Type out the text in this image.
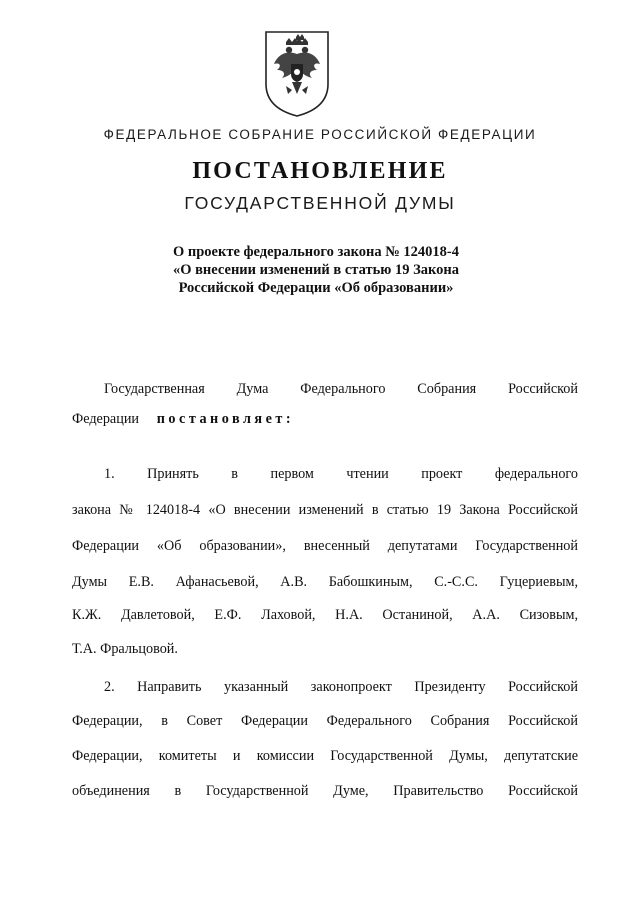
ФЕДЕРАЛЬНОЕ СОБРАНИЕ РОССИЙСКОЙ ФЕДЕРАЦИИ
ПОСТАНОВЛЕНИЕ
ГОСУДАРСТВЕННОЙ ДУМЫ
О проекте федерального закона № 124018-4
«О внесении изменений в статью 19 Закона
Российской Федерации «Об образовании»
Государственная Дума Федерального Собрания Российской
Федерации постановляет:
1. Принять в первом чтении проект федерального
закона № 124018-4 «О внесении изменений в статью 19 Закона Российской
Федерации «Об образовании», внесенный депутатами Государственной
Думы Е.В. Афанасьевой, А.В. Бабошкиным, С.-С.С. Гуцериевым,
К.Ж. Давлетовой, Е.Ф. Лаховой, Н.А. Останиной, А.А. Сизовым,
Т.А. Фральцовой.
2. Направить указанный законопроект Президенту Российской
Федерации, в Совет Федерации Федерального Собрания Российской
Федерации, комитеты и комиссии Государственной Думы, депутатские
объединения в Государственной Думе, Правительство Российской
